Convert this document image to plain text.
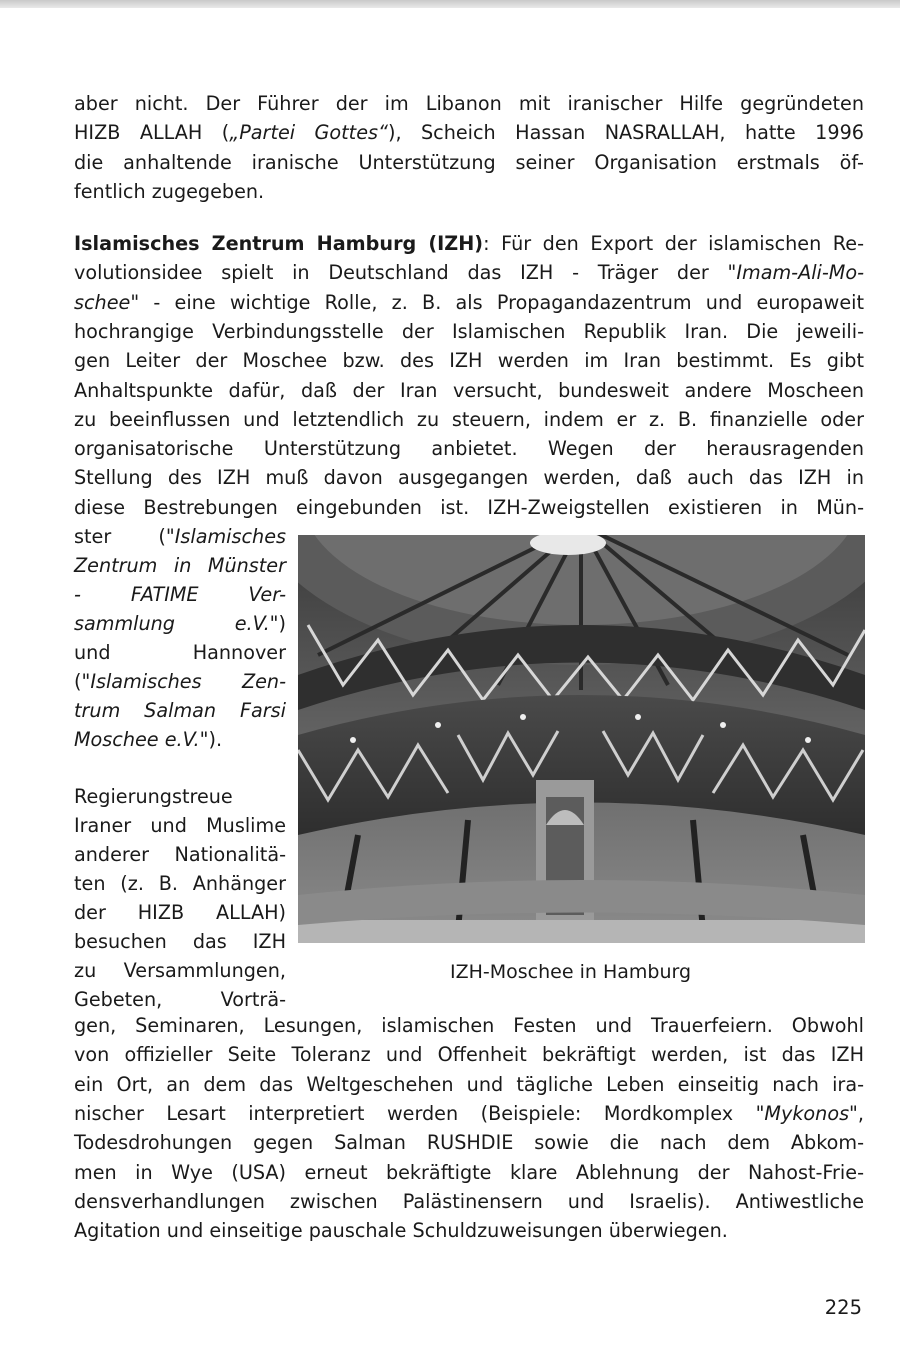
aber nicht. Der Führer der im Libanon mit iranischer Hilfe gegründeten
HIZB ALLAH („Partei Gottes“), Scheich Hassan NASRALLAH, hatte 1996
die anhaltende iranische Unterstützung seiner Organisation erstmals öf-
fentlich zugegeben.
Islamisches Zentrum Hamburg (IZH): Für den Export der islamischen Re-
volutionsidee spielt in Deutschland das IZH - Träger der "Imam-Ali-Mo-
schee" - eine wichtige Rolle, z. B. als Propagandazentrum und europaweit
hochrangige Verbindungsstelle der Islamischen Republik Iran. Die jeweili-
gen Leiter der Moschee bzw. des IZH werden im Iran bestimmt. Es gibt
Anhaltspunkte dafür, daß der Iran versucht, bundesweit andere Moscheen
zu beeinflussen und letztendlich zu steuern, indem er z. B. finanzielle oder
organisatorische Unterstützung anbietet. Wegen der herausragenden
Stellung des IZH muß davon ausgegangen werden, daß auch das IZH in
diese Bestrebungen eingebunden ist. IZH-Zweigstellen existieren in Mün-
ster ("Islamisches
Zentrum in Münster
- FATIME Ver-
sammlung e.V.")
und Hannover
("Islamisches Zen-
trum Salman Farsi
Moschee e.V.").
Regierungstreue
Iraner und Muslime
anderer Nationalitä-
ten (z. B. Anhänger
der HIZB ALLAH)
besuchen das IZH
zu Versammlungen,
Gebeten, Vorträ-
gen, Seminaren, Lesungen, islamischen Festen und Trauerfeiern. Obwohl
von offizieller Seite Toleranz und Offenheit bekräftigt werden, ist das IZH
ein Ort, an dem das Weltgeschehen und tägliche Leben einseitig nach ira-
nischer Lesart interpretiert werden (Beispiele: Mordkomplex "Mykonos",
Todesdrohungen gegen Salman RUSHDIE sowie die nach dem Abkom-
men in Wye (USA) erneut bekräftigte klare Ablehnung der Nahost-Frie-
densverhandlungen zwischen Palästinensern und Israelis). Antiwestliche
Agitation und einseitige pauschale Schuldzuweisungen überwiegen.
IZH-Moschee in Hamburg
225
